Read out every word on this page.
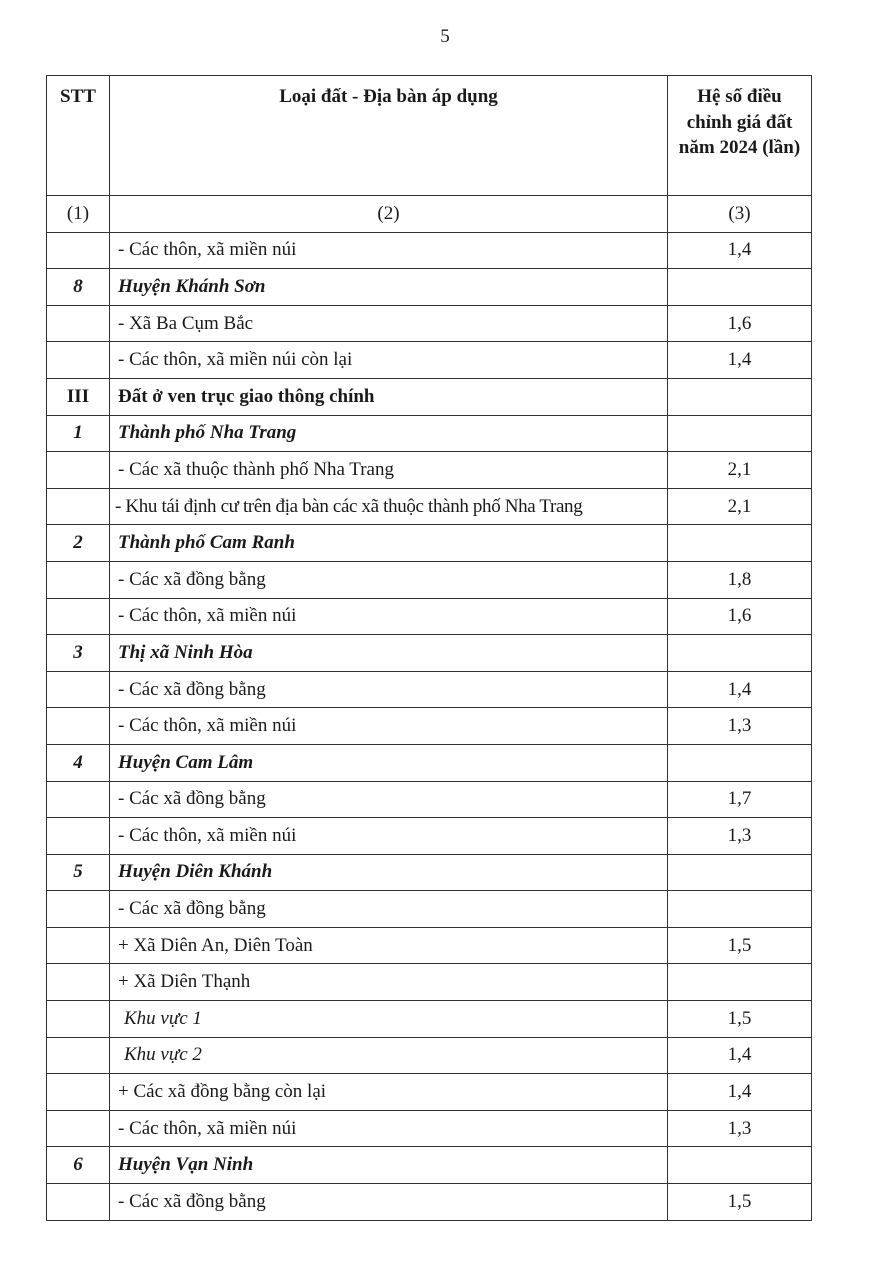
5
STT	Loại đất - Địa bàn áp dụng	Hệ số điều chỉnh giá đất năm 2024 (lần)
(1)	(2)	(3)
	- Các thôn, xã miền núi	1,4
8	Huyện Khánh Sơn	
	- Xã Ba Cụm Bắc	1,6
	- Các thôn, xã miền núi còn lại	1,4
III	Đất ở ven trục giao thông chính	
1	Thành phố Nha Trang	
	- Các xã thuộc thành phố Nha Trang	2,1
	- Khu tái định cư trên địa bàn các xã thuộc thành phố Nha Trang	2,1
2	Thành phố Cam Ranh	
	- Các xã đồng bằng	1,8
	- Các thôn, xã miền núi	1,6
3	Thị xã Ninh Hòa	
	- Các xã đồng bằng	1,4
	- Các thôn, xã miền núi	1,3
4	Huyện Cam Lâm	
	- Các xã đồng bằng	1,7
	- Các thôn, xã miền núi	1,3
5	Huyện Diên Khánh	
	- Các xã đồng bằng	
	+ Xã Diên An, Diên Toàn	1,5
	+ Xã Diên Thạnh	
	Khu vực 1	1,5
	Khu vực 2	1,4
	+ Các xã đồng bằng còn lại	1,4
	- Các thôn, xã miền núi	1,3
6	Huyện Vạn Ninh	
	- Các xã đồng bằng	1,5
